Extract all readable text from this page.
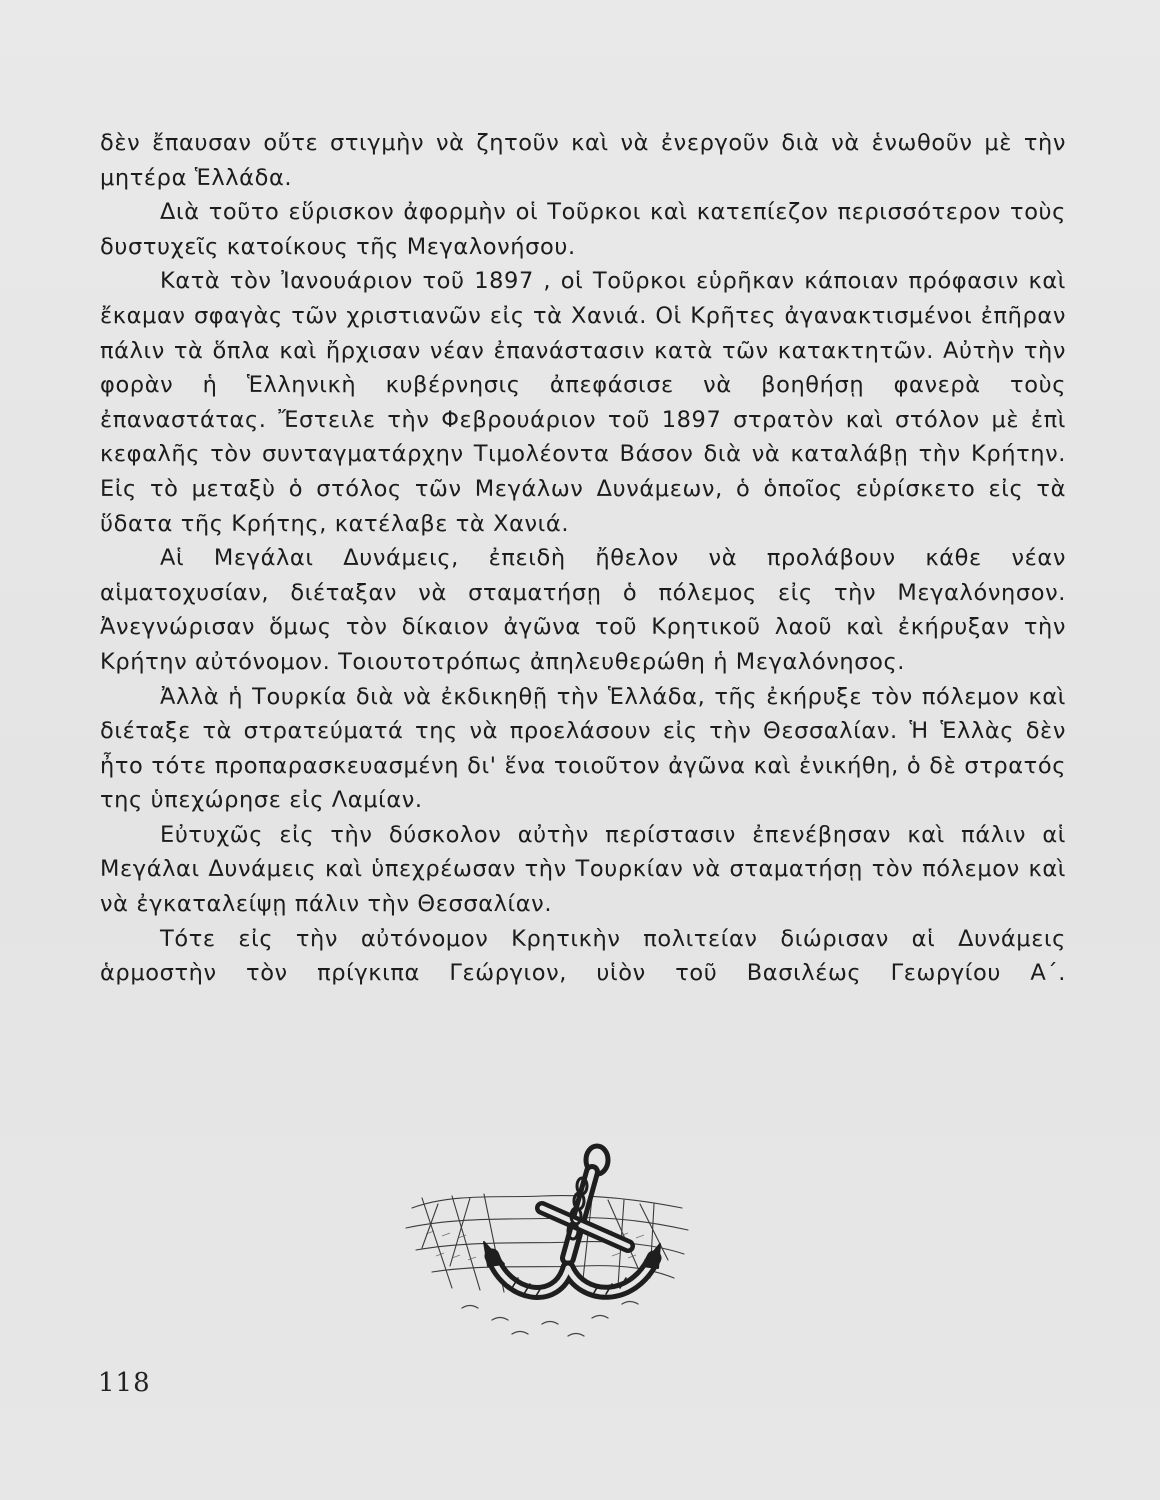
δὲν ἔπαυσαν οὔτε στιγμὴν νὰ ζητοῦν καὶ νὰ ἐνεργοῦν διὰ νὰ ἑνωθοῦν μὲ τὴν μητέρα Ἑλλάδα.

Διὰ τοῦτο εὕρισκον ἀφορμὴν οἱ Τοῦρκοι καὶ κατεπίεζον περισσότερον τοὺς δυστυχεῖς κατοίκους τῆς Μεγαλονήσου.

Κατὰ τὸν Ἰανουάριον τοῦ 1897 , οἱ Τοῦρκοι εὑρῆκαν κάποιαν πρόφασιν καὶ ἔκαμαν σφαγὰς τῶν χριστιανῶν εἰς τὰ Χανιά. Οἱ Κρῆτες ἀγανακτισμένοι ἐπῆραν πάλιν τὰ ὅπλα καὶ ἤρχισαν νέαν ἐπανάστασιν κατὰ τῶν κατακτητῶν. Αὐτὴν τὴν φορὰν ἡ Ἑλληνικὴ κυβέρνησις ἀπεφάσισε νὰ βοηθήσῃ φανερὰ τοὺς ἐπαναστάτας. Ἔστειλε τὴν Φεβρουάριον τοῦ 1897 στρατὸν καὶ στόλον μὲ ἐπὶ κεφαλῆς τὸν συνταγματάρχην Τιμολέοντα Βάσον διὰ νὰ καταλάβῃ τὴν Κρήτην. Εἰς τὸ μεταξὺ ὁ στόλος τῶν Μεγάλων Δυνάμεων, ὁ ὁποῖος εὑρίσκετο εἰς τὰ ὕδατα τῆς Κρήτης, κατέλαβε τὰ Χανιά.

Αἱ Μεγάλαι Δυνάμεις, ἐπειδὴ ἤθελον νὰ προλάβουν κάθε νέαν αἱματοχυσίαν, διέταξαν νὰ σταματήσῃ ὁ πόλεμος εἰς τὴν Μεγαλόνησον. Ἀνεγνώρισαν ὅμως τὸν δίκαιον ἀγῶνα τοῦ Κρητικοῦ λαοῦ καὶ ἐκήρυξαν τὴν Κρήτην αὐτόνομον. Τοιουτοτρόπως ἀπηλευθερώθη ἡ Μεγαλόνησος.

Ἀλλὰ ἡ Τουρκία διὰ νὰ ἐκδικηθῇ τὴν Ἑλλάδα, τῆς ἐκήρυξε τὸν πόλεμον καὶ διέταξε τὰ στρατεύματά της νὰ προελάσουν εἰς τὴν Θεσσαλίαν. Ἡ Ἑλλὰς δὲν ἦτο τότε προπαρασκευασμένη δι' ἕνα τοιοῦτον ἀγῶνα καὶ ἐνικήθη, ὁ δὲ στρατός της ὑπεχώρησε εἰς Λαμίαν.

Εὐτυχῶς εἰς τὴν δύσκολον αὐτὴν περίστασιν ἐπενέβησαν καὶ πάλιν αἱ Μεγάλαι Δυνάμεις καὶ ὑπεχρέωσαν τὴν Τουρκίαν νὰ σταματήσῃ τὸν πόλεμον καὶ νὰ ἐγκαταλείψῃ πάλιν τὴν Θεσσαλίαν.

Τότε εἰς τὴν αὐτόνομον Κρητικὴν πολιτείαν διώρισαν αἱ Δυνάμεις ἁρμοστὴν τὸν πρίγκιπα Γεώργιον, υἱὸν τοῦ Βασιλέως Γεωργίου Α΄.

118
